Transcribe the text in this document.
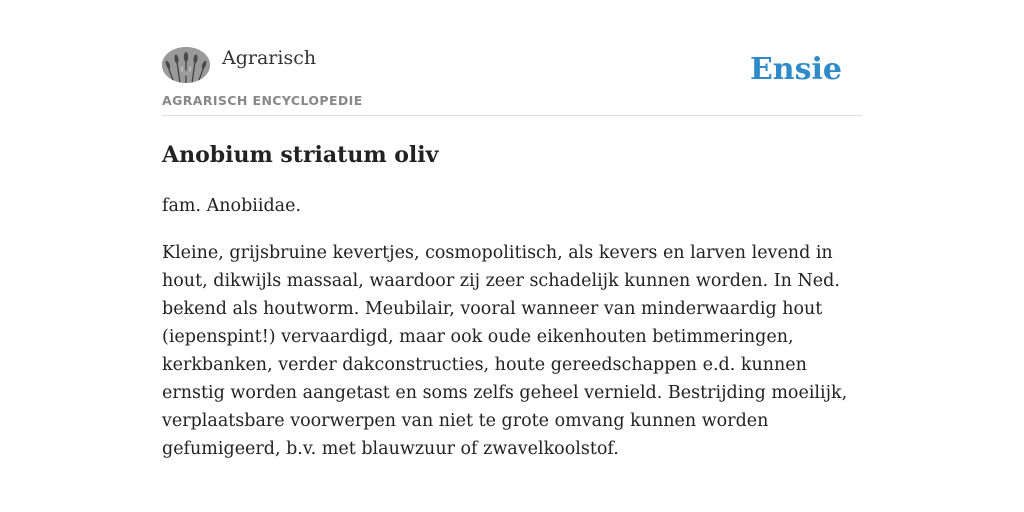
Agrarisch
AGRARISCH ENCYCLOPEDIE
Ensie
Anobium striatum oliv

fam. Anobiidae.

Kleine, grijsbruine kevertjes, cosmopolitisch, als kevers en larven levend in hout, dikwijls massaal, waardoor zij zeer schadelijk kunnen worden. In Ned. bekend als houtworm. Meubilair, vooral wanneer van minderwaardig hout (iepenspint!) vervaardigd, maar ook oude eikenhouten betimmeringen, kerkbanken, verder dakconstructies, houte gereedschappen e.d. kunnen ernstig worden aangetast en soms zelfs geheel vernield. Bestrijding moeilijk, verplaatsbare voorwerpen van niet te grote omvang kunnen worden gefumigeerd, b.v. met blauwzuur of zwavelkoolstof.
